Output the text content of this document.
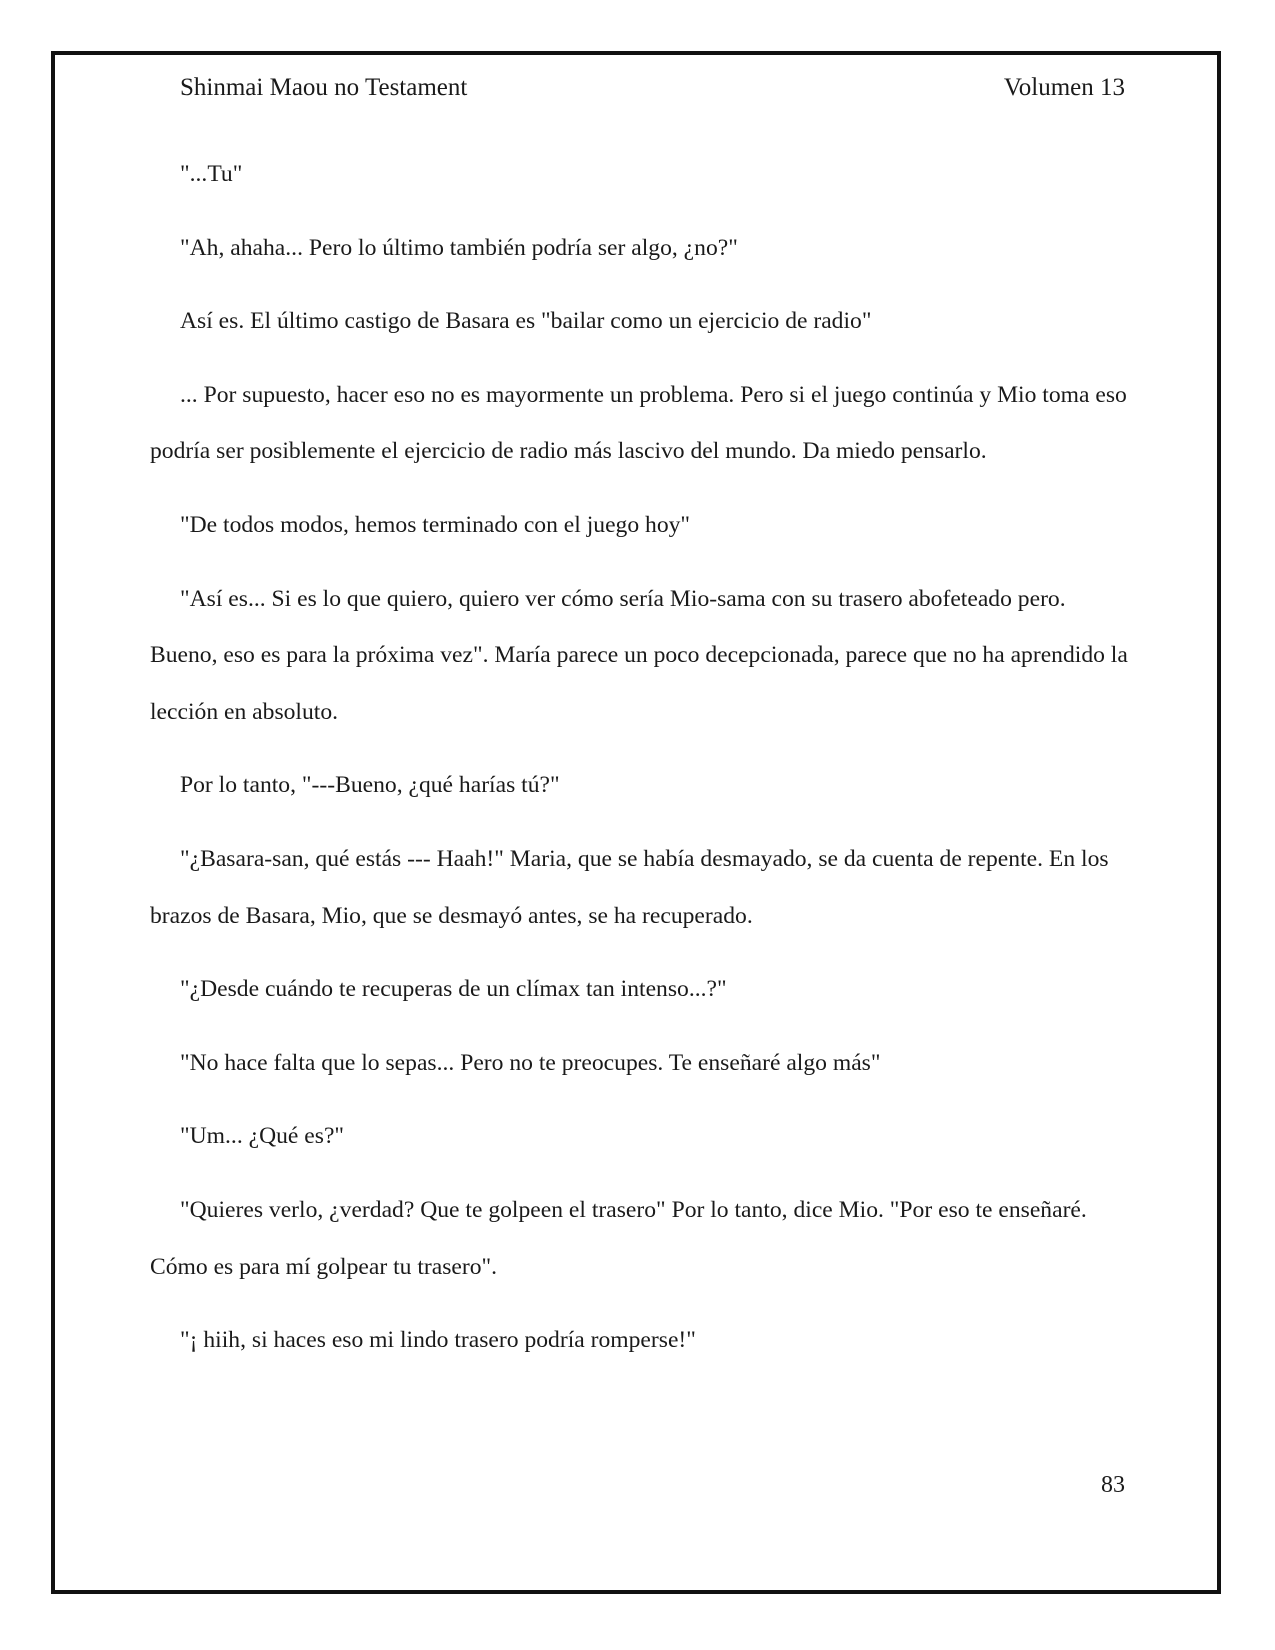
Shinmai Maou no Testament	Volumen 13

"...Tu"

"Ah, ahaha... Pero lo último también podría ser algo, ¿no?"

Así es. El último castigo de Basara es "bailar como un ejercicio de radio"

... Por supuesto, hacer eso no es mayormente un problema. Pero si el juego continúa y Mio toma eso podría ser posiblemente el ejercicio de radio más lascivo del mundo. Da miedo pensarlo.

"De todos modos, hemos terminado con el juego hoy"

"Así es... Si es lo que quiero, quiero ver cómo sería Mio-sama con su trasero abofeteado pero. Bueno, eso es para la próxima vez". María parece un poco decepcionada, parece que no ha aprendido la lección en absoluto.

Por lo tanto, "---Bueno, ¿qué harías tú?"

"¿Basara-san, qué estás --- Haah!" Maria, que se había desmayado, se da cuenta de repente. En los brazos de Basara, Mio, que se desmayó antes, se ha recuperado.

"¿Desde cuándo te recuperas de un clímax tan intenso...?"

"No hace falta que lo sepas... Pero no te preocupes. Te enseñaré algo más"

"Um... ¿Qué es?"

"Quieres verlo, ¿verdad? Que te golpeen el trasero" Por lo tanto, dice Mio. "Por eso te enseñaré. Cómo es para mí golpear tu trasero".

"¡ hiih, si haces eso mi lindo trasero podría romperse!"

83
